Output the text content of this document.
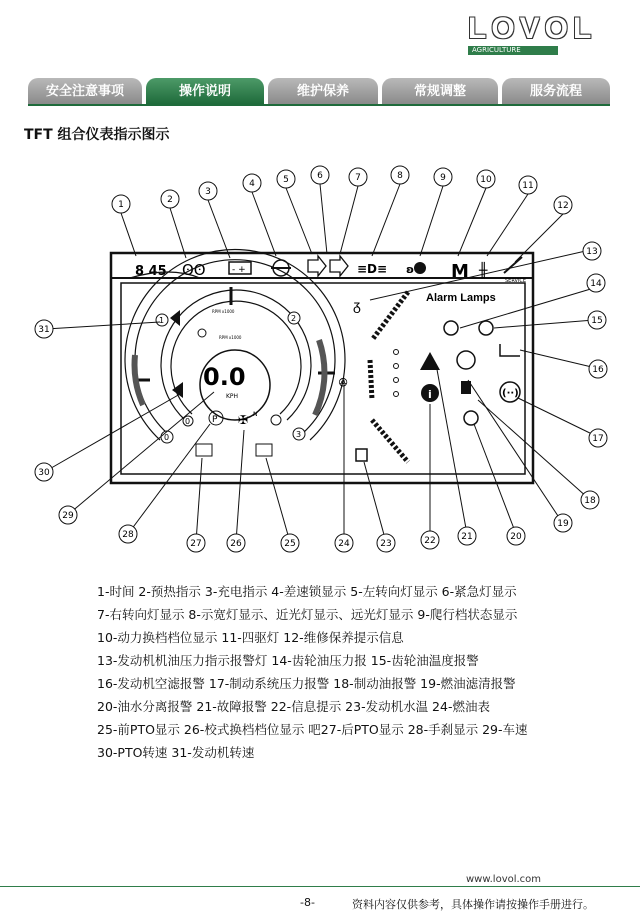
LOVOL
AGRICULTURE
安全注意事项	操作说明	维护保养	常规调整	服务流程
TFT 组合仪表指示图示
8 45 ʘʘ	- +	≡D≡ ʚ M ╫
SERVICE
RPM x1000
RPM x1000
1	2
3
0
0
0.0
KPH
P ✠ N
ᵹ
ꔮ
Alarm Lamps
i	(··)
1	2
3
4	5	6	7	8	9	10
11
12
13
14
15
16
17
18
19
20
21
22
23
24
25
26
27
28
29
30
31
1-时间 2-预热指示 3-充电指示 4-差速锁显示 5-左转向灯显示 6-紧急灯显示
7-右转向灯显示 8-示宽灯显示、近光灯显示、远光灯显示 9-爬行档状态显示
10-动力换档档位显示 11-四驱灯 12-维修保养提示信息
13-发动机机油压力指示报警灯 14-齿轮油压力报 15-齿轮油温度报警
16-发动机空滤报警 17-制动系统压力报警 18-制动油报警 19-燃油滤清报警
20-油水分离报警 21-故障报警 22-信息提示 23-发动机水温 24-燃油表
25-前PTO显示 26-校式换档档位显示 吧27-后PTO显示 28-手刹显示 29-车速
30-PTO转速 31-发动机转速
www.lovol.com
-8-	资料内容仅供参考，具体操作请按操作手册进行。
